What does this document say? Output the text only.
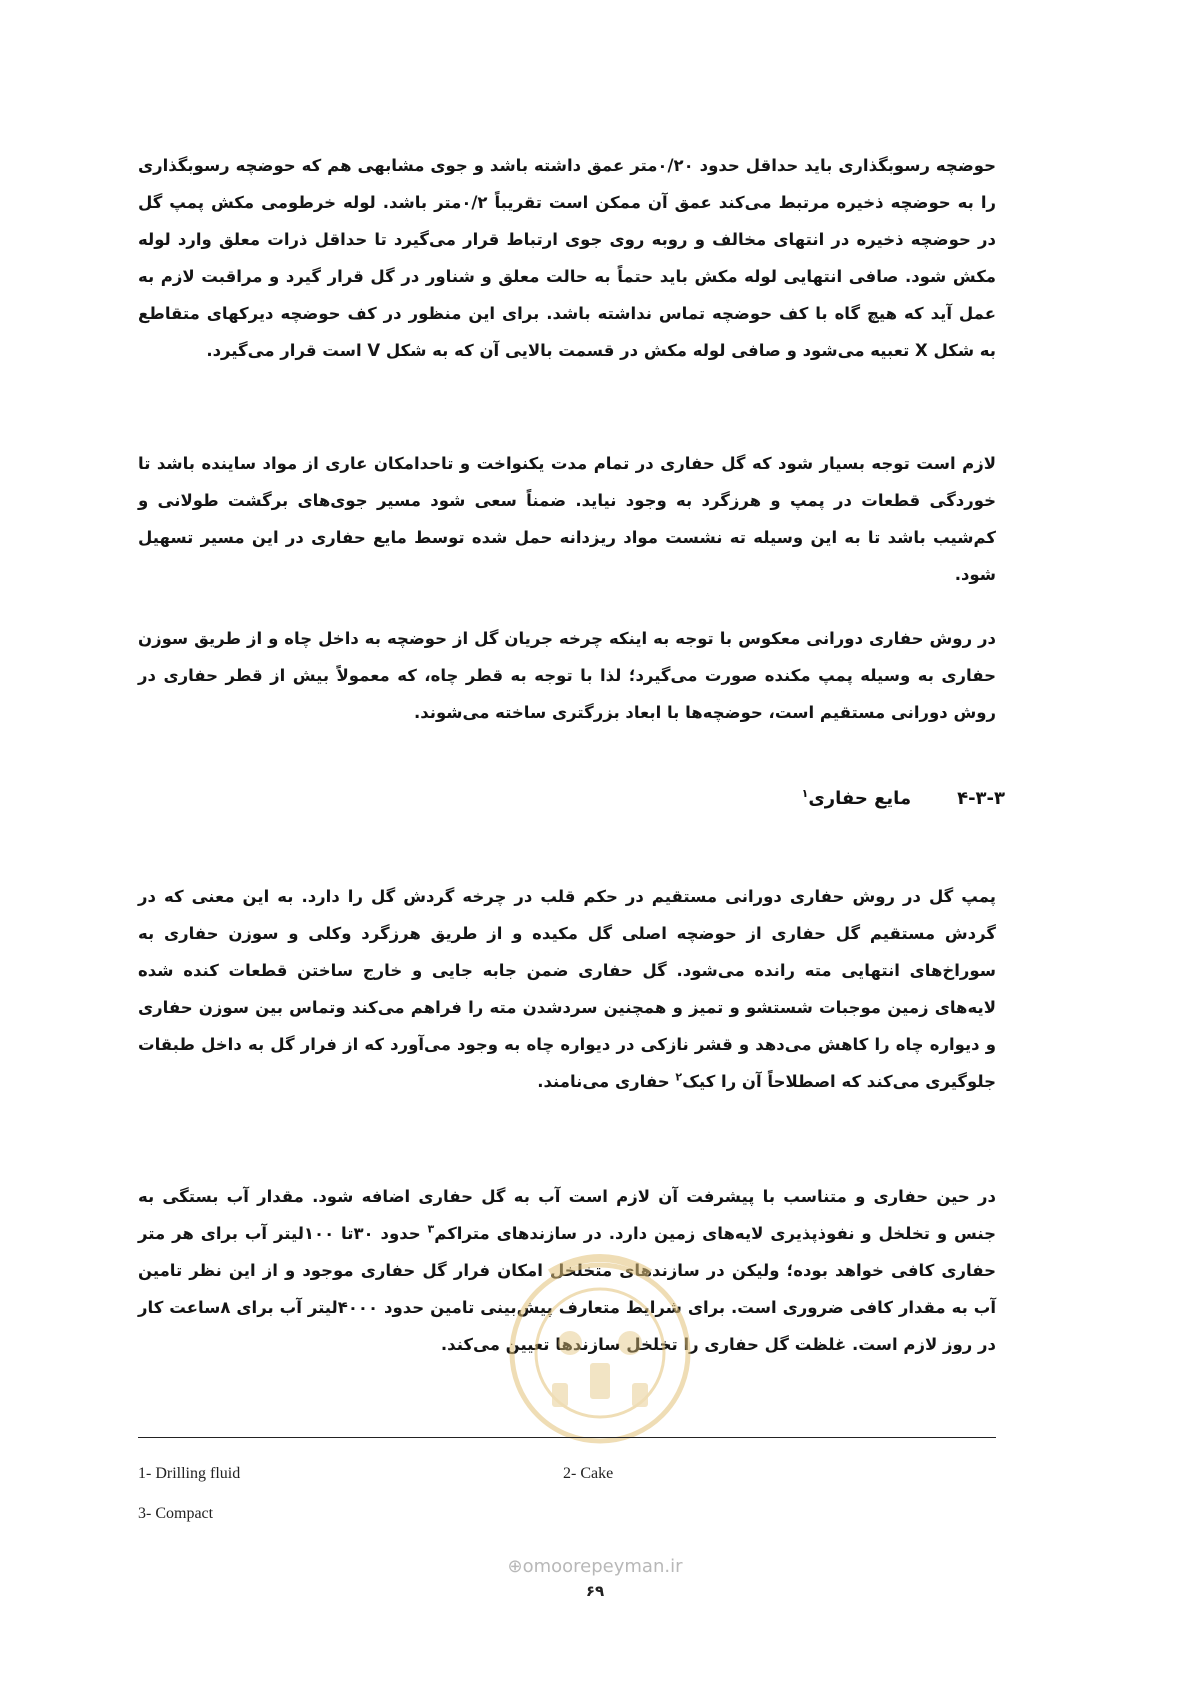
حوضچه رسوبگذاری باید حداقل حدود ۰/۲۰متر عمق داشته باشد و جوی مشابهی هم که حوضچه رسوبگذاری را به حوضچه ذخیره مرتبط می‌کند عمق آن ممکن است تقریباً ۰/۲متر باشد. لوله خرطومی مکش پمپ گل در حوضچه ذخیره در انتهای مخالف و روبه روی جوی ارتباط قرار می‌گیرد تا حداقل ذرات معلق وارد لوله مکش شود. صافی انتهایی لوله مکش باید حتماً به حالت معلق و شناور در گل قرار گیرد و مراقبت لازم به عمل آید که هیچ گاه با کف حوضچه تماس نداشته باشد. برای این منظور در کف حوضچه دیرکهای متقاطع به شکل X تعبیه می‌شود و صافی لوله مکش در قسمت بالایی آن که به شکل V است قرار می‌گیرد.

لازم است توجه بسیار شود که گل حفاری در تمام مدت یکنواخت و تاحدامکان عاری از مواد ساینده باشد تا خوردگی قطعات در پمپ و هرزگرد به وجود نیاید. ضمناً سعی شود مسیر جوی‌های برگشت طولانی و کم‌شیب باشد تا به این وسیله ته نشست مواد ریزدانه حمل شده توسط مایع حفاری در این مسیر تسهیل شود.

در روش حفاری دورانی معکوس با توجه به اینکه چرخه جریان گل از حوضچه به داخل چاه و از طریق سوزن حفاری به وسیله پمپ مکنده صورت می‌گیرد؛ لذا با توجه به قطر چاه، که معمولاً بیش از قطر حفاری در روش دورانی مستقیم است، حوضچه‌ها با ابعاد بزرگتری ساخته می‌شوند.

۴-۳-۳مایع حفاری$^۱$

پمپ گل در روش حفاری دورانی مستقیم در حکم قلب در چرخه گردش گل را دارد. به این معنی که در گردش مستقیم گل حفاری از حوضچه اصلی گل مکیده و از طریق هرزگرد وکلی و سوزن حفاری به سوراخ‌های انتهایی مته رانده می‌شود. گل حفاری ضمن جابه جایی و خارج ساختن قطعات کنده شده لایه‌های زمین موجبات شستشو و تمیز و همچنین سردشدن مته را فراهم می‌کند وتماس بین سوزن حفاری و دیواره چاه را کاهش می‌دهد و قشر نازکی در دیواره چاه به وجود می‌آورد که از فرار گل به داخل طبقات جلوگیری می‌کند که اصطلاحاً آن را کیک$^۲$ حفاری می‌نامند.

در حین حفاری و متناسب با پیشرفت آن لازم است آب به گل حفاری اضافه شود. مقدار آب بستگی به جنس و تخلخل و نفوذپذیری لایه‌های زمین دارد. در سازندهای متراکم$^۳$ حدود ۳۰تا ۱۰۰لیتر آب برای هر متر حفاری کافی خواهد بوده؛ ولیکن در سازندهای متخلخل امکان فرار گل حفاری موجود و از این نظر تامین آب به مقدار کافی ضروری است. برای شرایط متعارف پیش‌بینی تامین حدود ۴۰۰۰لیتر آب برای ۸ساعت کار در روز لازم است. غلظت گل حفاری را تخلخل سازندها تعیین می‌کند.

1- Drilling fluid	2- Cake
3- Compact
⊕omoorepeyman.ir
۶۹
